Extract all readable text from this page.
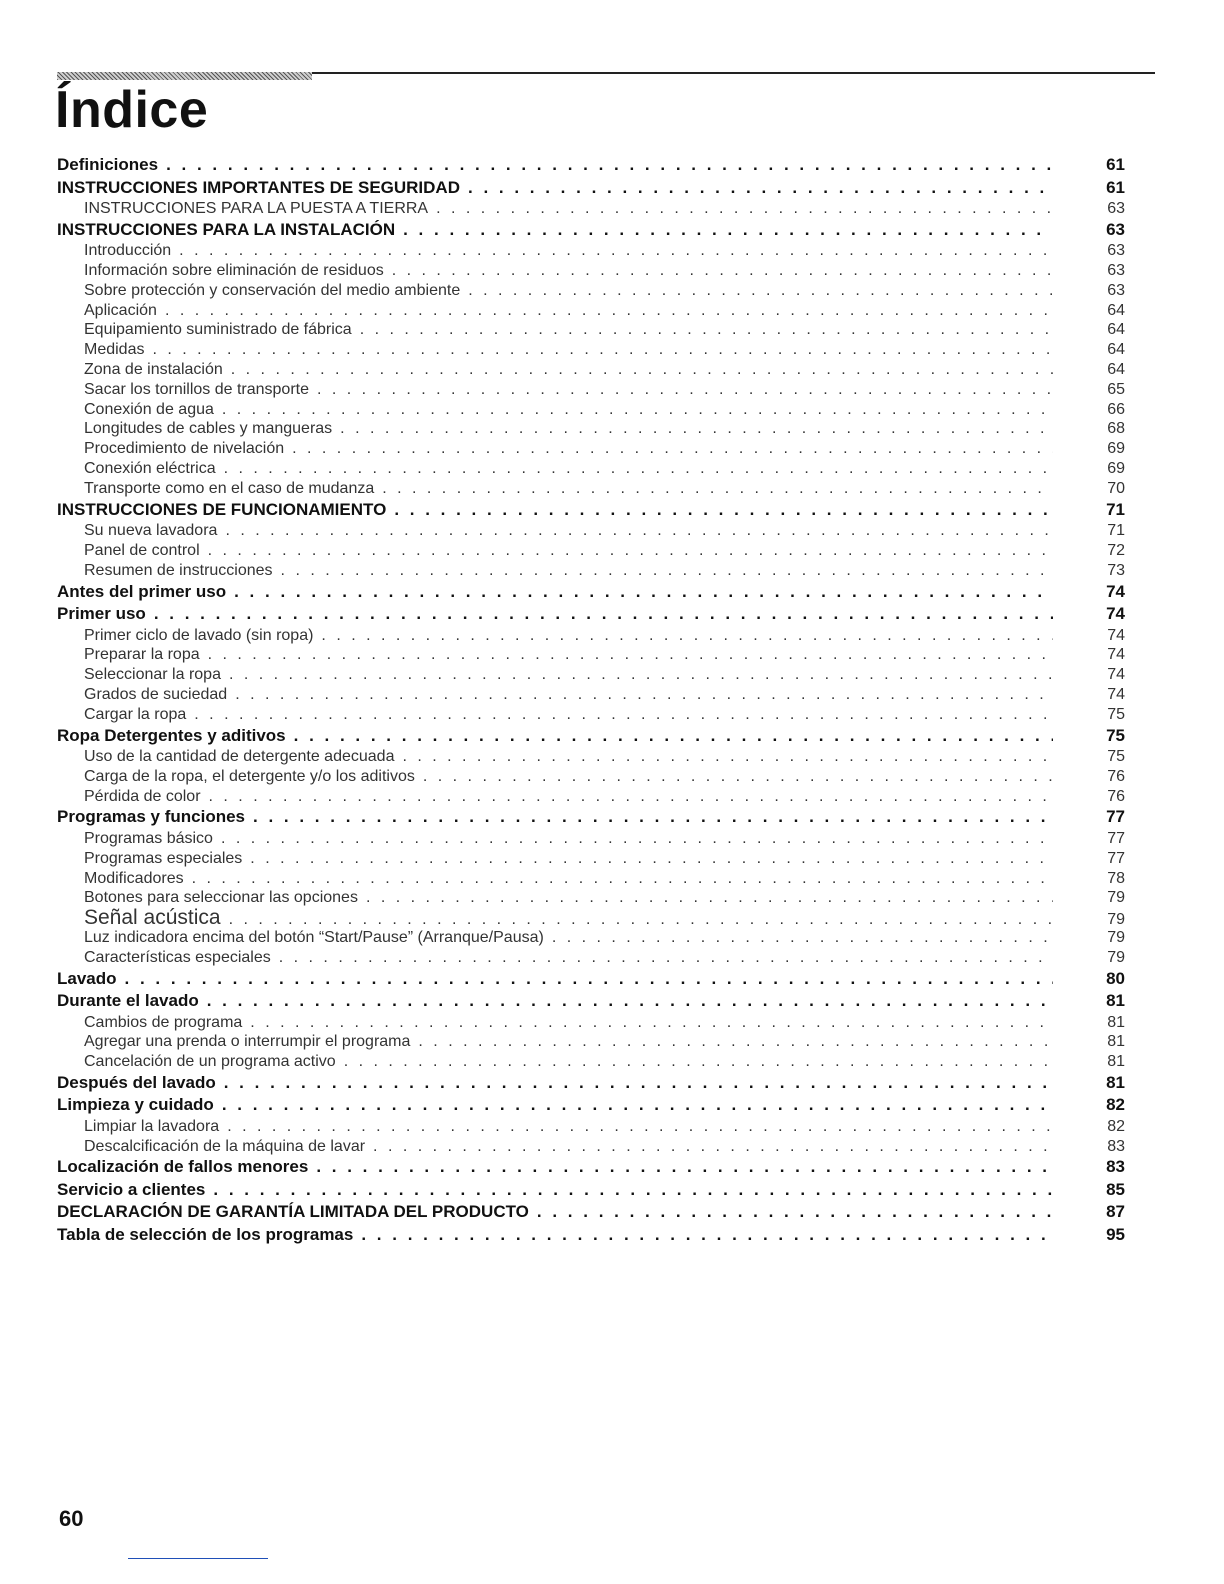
Índice
Definiciones . . .	61
INSTRUCCIONES IMPORTANTES DE SEGURIDAD . . .	61
INSTRUCCIONES PARA LA PUESTA A TIERRA . . .	63
INSTRUCCIONES PARA LA INSTALACIÓN . . .	63
Introducción . . .	63
Información sobre eliminación de residuos . . .	63
Sobre protección y conservación del medio ambiente . . .	63
Aplicación . . .	64
Equipamiento suministrado de fábrica . . .	64
Medidas . . .	64
Zona de instalación . . .	64
Sacar los tornillos de transporte . . .	65
Conexión de agua . . .	66
Longitudes de cables y mangueras . . .	68
Procedimiento de nivelación . . .	69
Conexión eléctrica . . .	69
Transporte como en el caso de mudanza . . .	70
INSTRUCCIONES DE FUNCIONAMIENTO . . .	71
Su nueva lavadora . . .	71
Panel de control . . .	72
Resumen de instrucciones . . .	73
Antes del primer uso . . .	74
Primer uso . . .	74
Primer ciclo de lavado (sin ropa) . . .	74
Preparar la ropa . . .	74
Seleccionar la ropa . . .	74
Grados de suciedad . . .	74
Cargar la ropa . . .	75
Ropa Detergentes y aditivos . . .	75
Uso de la cantidad de detergente adecuada . . .	75
Carga de la ropa, el detergente y/o los aditivos . . .	76
Pérdida de color . . .	76
Programas y funciones . . .	77
Programas básico . . .	77
Programas especiales . . .	77
Modificadores . . .	78
Botones para seleccionar las opciones . . .	79
Señal acústica . . .	79
Luz indicadora encima del botón “Start/Pause” (Arranque/Pausa) . . .	79
Características especiales . . .	79
Lavado . . .	80
Durante el lavado . . .	81
Cambios de programa . . .	81
Agregar una prenda o interrumpir el programa . . .	81
Cancelación de un programa activo . . .	81
Después del lavado . . .	81
Limpieza y cuidado . . .	82
Limpiar la lavadora . . .	82
Descalcificación de la máquina de lavar . . .	83
Localización de fallos menores . . .	83
Servicio a clientes . . .	85
DECLARACIÓN DE GARANTÍA LIMITADA DEL PRODUCTO . . .	87
Tabla de selección de los programas . . .	95
60
